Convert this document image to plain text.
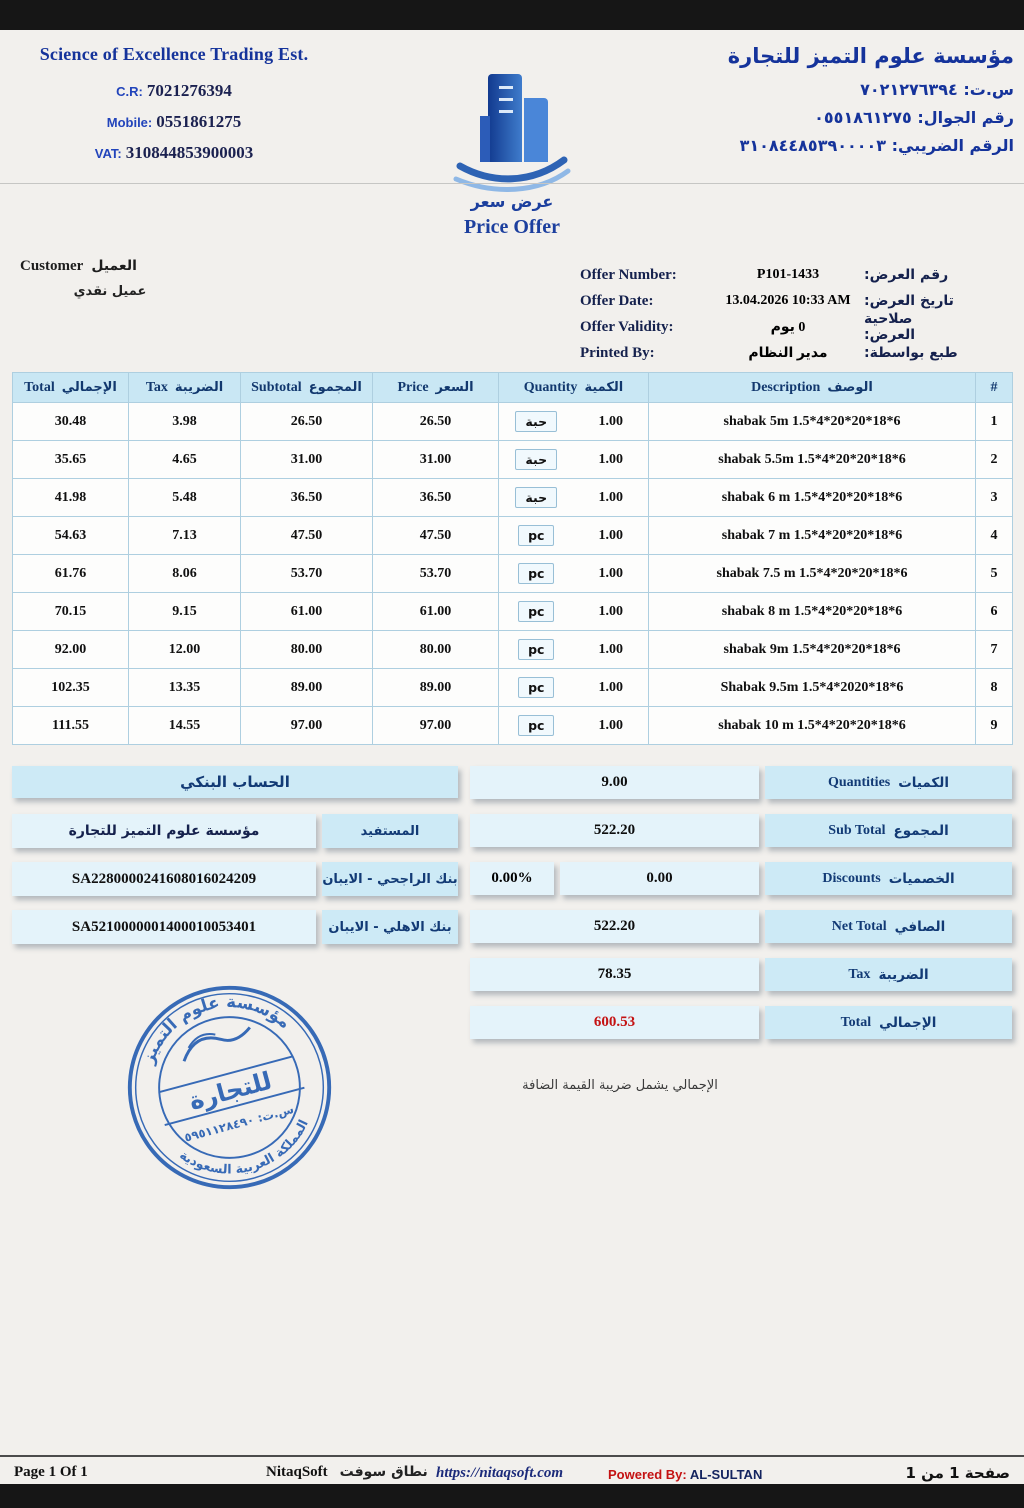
Science of Excellence Trading Est.
C.R: 7021276394
Mobile: 0551861275
VAT: 310844853900003
مؤسسة علوم التميز للتجارة
س.ت: ٧٠٢١٢٧٦٣٩٤
رقم الجوال: ٠٥٥١٨٦١٢٧٥
الرقم الضريبي: ٣١٠٨٤٤٨٥٣٩٠٠٠٠٣
عرض سعر
Price Offer
Customer العميل
عميل نقدي
Offer Number:	P101-1433	رقم العرض:
Offer Date:	13.04.2026 10:33 AM تاريخ العرض:
Offer Validity:	0 يوم	صلاحية العرض:
Printed By:	مدير النظام	طبع بواسطة:
Total الإجمالي	Tax الضريبة	Subtotal المجموع	Price السعر	Quantity الكمية	Description الوصف	#
30.48	3.98	26.50	26.50	حبة 1.00	shabak 5m 1.5*4*20*20*18*6	1
35.65	4.65	31.00	31.00	حبة 1.00	shabak 5.5m 1.5*4*20*20*18*6	2
41.98	5.48	36.50	36.50	حبة 1.00	shabak 6 m 1.5*4*20*20*18*6	3
54.63	7.13	47.50	47.50	pc 1.00	shabak 7 m 1.5*4*20*20*18*6	4
61.76	8.06	53.70	53.70	pc 1.00	shabak 7.5 m 1.5*4*20*20*18*6	5
70.15	9.15	61.00	61.00	pc 1.00	shabak 8 m 1.5*4*20*20*18*6	6
92.00	12.00	80.00	80.00	pc 1.00	shabak 9m 1.5*4*20*20*18*6	7
102.35	13.35	89.00	89.00	pc 1.00	Shabak 9.5m 1.5*4*2020*18*6	8
111.55	14.55	97.00	97.00	pc 1.00	shabak 10 m 1.5*4*20*20*18*6	9
الحساب البنكي
مؤسسة علوم التميز للتجارة	المستفيد
SA2280000241608016024209	بنك الراجحي - الايبان
SA5210000001400010053401	بنك الاهلي - الايبان
9.00	Quantities الكميات
522.20	Sub Total المجموع
0.00%	0.00	Discounts الخصميات
522.20	Net Total الصافي
78.35	Tax الضريبة
600.53	Total الإجمالي
الإجمالي يشمل ضريبة القيمة الضافة
مؤسسة علوم التميز
للتجارة
س.ت: ٥٩٥١١٢٨٤٩٠
المملكة العربية السعودية
Page 1 Of 1	NitaqSoft نطاق سوفت https://nitaqsoft.com	Powered By: AL-SULTAN	صفحة 1 من 1
